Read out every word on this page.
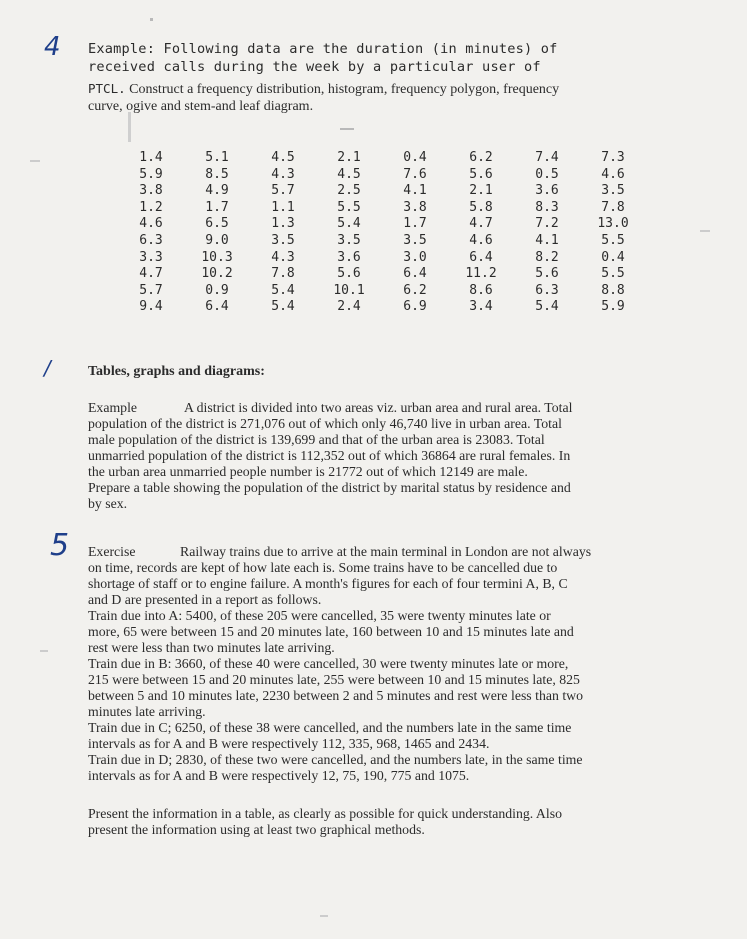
4
/
5
Example: Following data are the duration (in minutes) of
received calls during the week by a particular user of
PTCL. Construct a frequency distribution, histogram, frequency polygon, frequency
curve, ogive and stem-and leaf diagram.
1.4	5.1	4.5	2.1	0.4	6.2	7.4	7.3
5.9	8.5	4.3	4.5	7.6	5.6	0.5	4.6
3.8	4.9	5.7	2.5	4.1	2.1	3.6	3.5
1.2	1.7	1.1	5.5	3.8	5.8	8.3	7.8
4.6	6.5	1.3	5.4	1.7	4.7	7.2	13.0
6.3	9.0	3.5	3.5	3.5	4.6	4.1	5.5
3.3	10.3	4.3	3.6	3.0	6.4	8.2	0.4
4.7	10.2	7.8	5.6	6.4	11.2	5.6	5.5
5.7	0.9	5.4	10.1	6.2	8.6	6.3	8.8
9.4	6.4	5.4	2.4	6.9	3.4	5.4	5.9

Tables, graphs and diagrams:

Example	A district is divided into two areas viz. urban area and rural area. Total

population of the district is 271,076 out of which only 46,740 live in urban area. Total

male population of the district is 139,699 and that of the urban area is 23083. Total

unmarried population of the district is 112,352 out of which 36864 are rural females. In

the urban area unmarried people number is 21772 out of which 12149 are male.

Prepare a table showing the population of the district by marital status by residence and

by sex.

Exercise	Railway trains due to arrive at the main terminal in London are not always

on time, records are kept of how late each is. Some trains have to be cancelled due to

shortage of staff or to engine failure. A month's figures for each of four termini A, B, C

and D are presented in a report as follows.

Train due into A: 5400, of these 205 were cancelled, 35 were twenty minutes late or

more, 65 were between 15 and 20 minutes late, 160 between 10 and 15 minutes late and

rest were less than two minutes late arriving.

Train due in B: 3660, of these 40 were cancelled, 30 were twenty minutes late or more,

215 were between 15 and 20 minutes late, 255 were between 10 and 15 minutes late, 825

between 5 and 10 minutes late, 2230 between 2 and 5 minutes and rest were less than two

minutes late arriving.

Train due in C; 6250, of these 38 were cancelled, and the numbers late in the same time

intervals as for A and B were respectively 112, 335, 968, 1465 and 2434.

Train due in D; 2830, of these two were cancelled, and the numbers late, in the same time

intervals as for A and B were respectively 12, 75, 190, 775 and 1075.

Present the information in a table, as clearly as possible for quick understanding. Also

present the information using at least two graphical methods.
